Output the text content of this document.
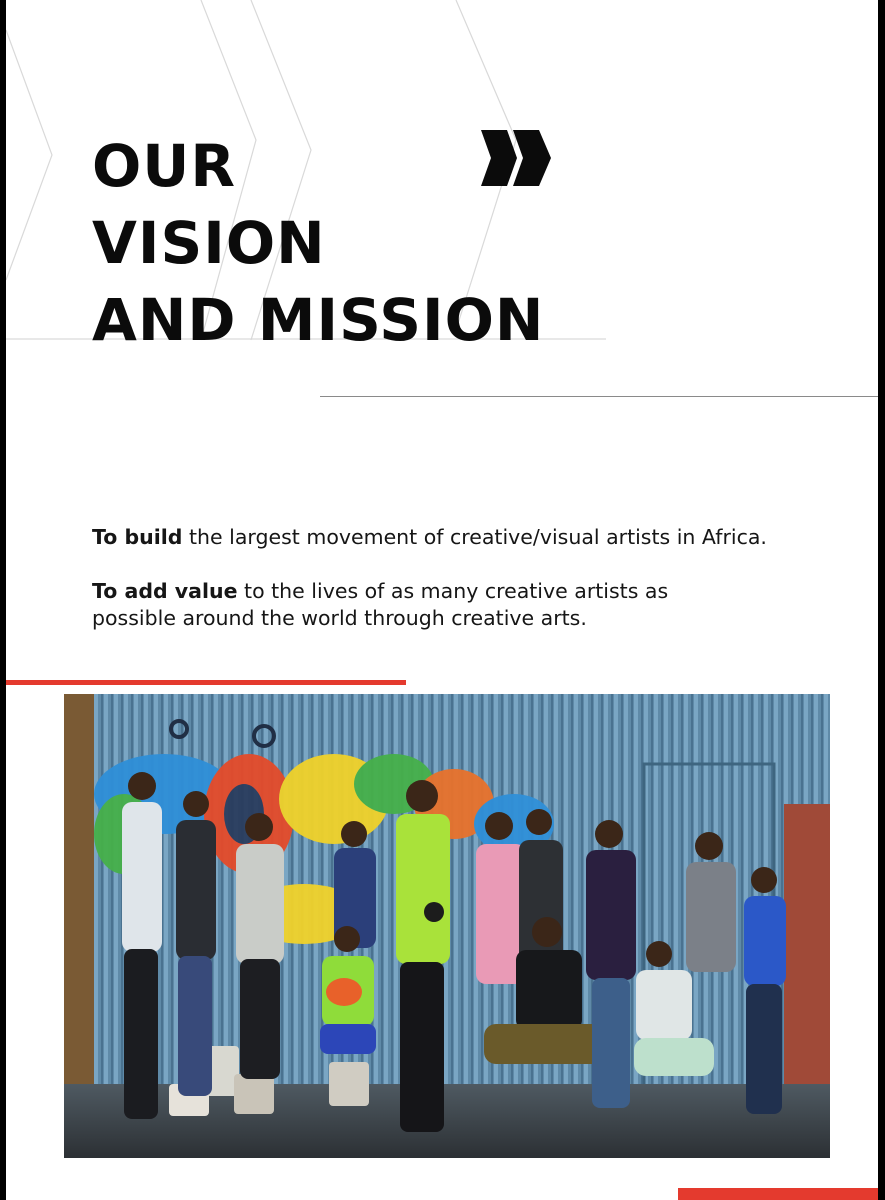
OUR
VISION
AND MISSION

To build the largest movement of creative/visual artists in Africa.

To add value to the lives of as many creative artists as possible around the world through creative arts.
